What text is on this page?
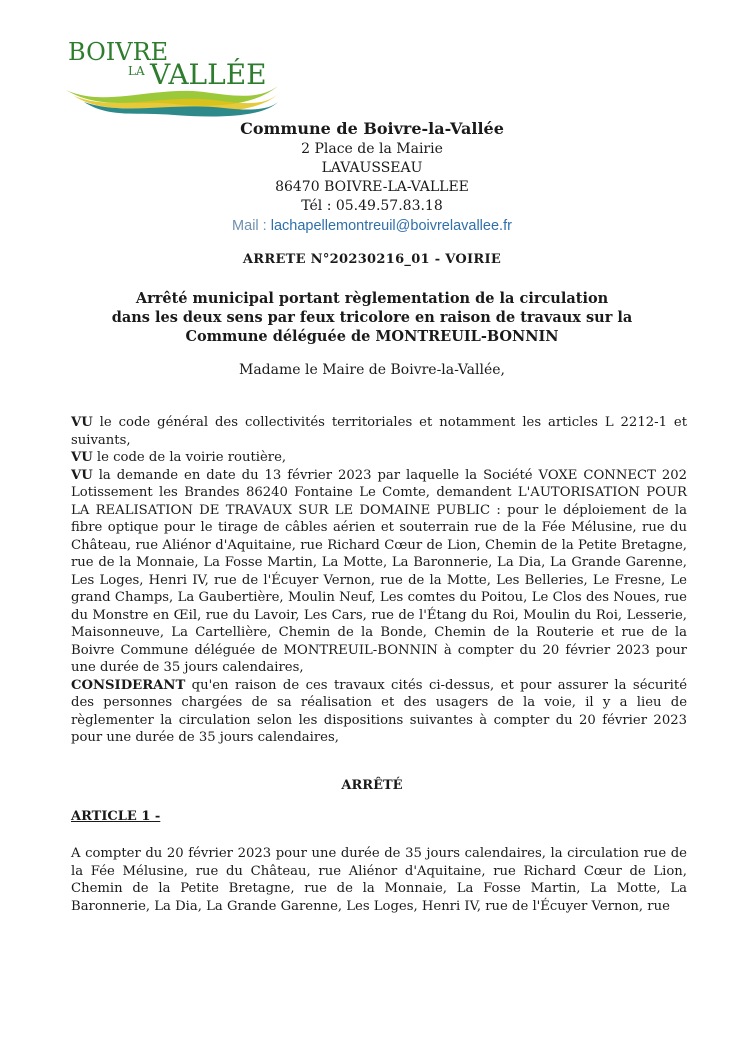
BOIVRE
LA VALLÉE
Commune de Boivre-la-Vallée
2 Place de la Mairie
LAVAUSSEAU
86470 BOIVRE-LA-VALLEE
Tél : 05.49.57.83.18
Mail : lachapellemontreuil@boivrelavallee.fr
ARRETE N°20230216_01 - VOIRIE
Arrêté municipal portant règlementation de la circulation
dans les deux sens par feux tricolore en raison de travaux sur la
Commune déléguée de MONTREUIL-BONNIN
Madame le Maire de Boivre-la-Vallée,

VU le code général des collectivités territoriales et notamment les articles L 2212-1 et suivants,

VU le code de la voirie routière,

VU la demande en date du 13 février 2023 par laquelle la Société VOXE CONNECT 202 Lotissement les Brandes 86240 Fontaine Le Comte, demandent L'AUTORISATION POUR LA REALISATION DE TRAVAUX SUR LE DOMAINE PUBLIC : pour le déploiement de la fibre optique pour le tirage de câbles aérien et souterrain rue de la Fée Mélusine, rue du Château, rue Aliénor d'Aquitaine, rue Richard Cœur de Lion, Chemin de la Petite Bretagne, rue de la Monnaie, La Fosse Martin, La Motte, La Baronnerie, La Dia, La Grande Garenne, Les Loges, Henri IV, rue de l'Écuyer Vernon, rue de la Motte, Les Belleries, Le Fresne, Le grand Champs, La Gaubertière, Moulin Neuf, Les comtes du Poitou, Le Clos des Noues, rue du Monstre en Œil, rue du Lavoir, Les Cars, rue de l'Étang du Roi, Moulin du Roi, Lesserie, Maisonneuve, La Cartellière, Chemin de la Bonde, Chemin de la Routerie et rue de la Boivre Commune déléguée de MONTREUIL-BONNIN à compter du 20 février 2023 pour une durée de 35 jours calendaires,

CONSIDERANT qu'en raison de ces travaux cités ci-dessus, et pour assurer la sécurité des personnes chargées de sa réalisation et des usagers de la voie, il y a lieu de règlementer la circulation selon les dispositions suivantes à compter du 20 février 2023 pour une durée de 35 jours calendaires,

ARRÊTÉ
ARTICLE 1 -

A compter du 20 février 2023 pour une durée de 35 jours calendaires, la circulation rue de la Fée Mélusine, rue du Château, rue Aliénor d'Aquitaine, rue Richard Cœur de Lion, Chemin de la Petite Bretagne, rue de la Monnaie, La Fosse Martin, La Motte, La Baronnerie, La Dia, La Grande Garenne, Les Loges, Henri IV, rue de l'Écuyer Vernon, rue
